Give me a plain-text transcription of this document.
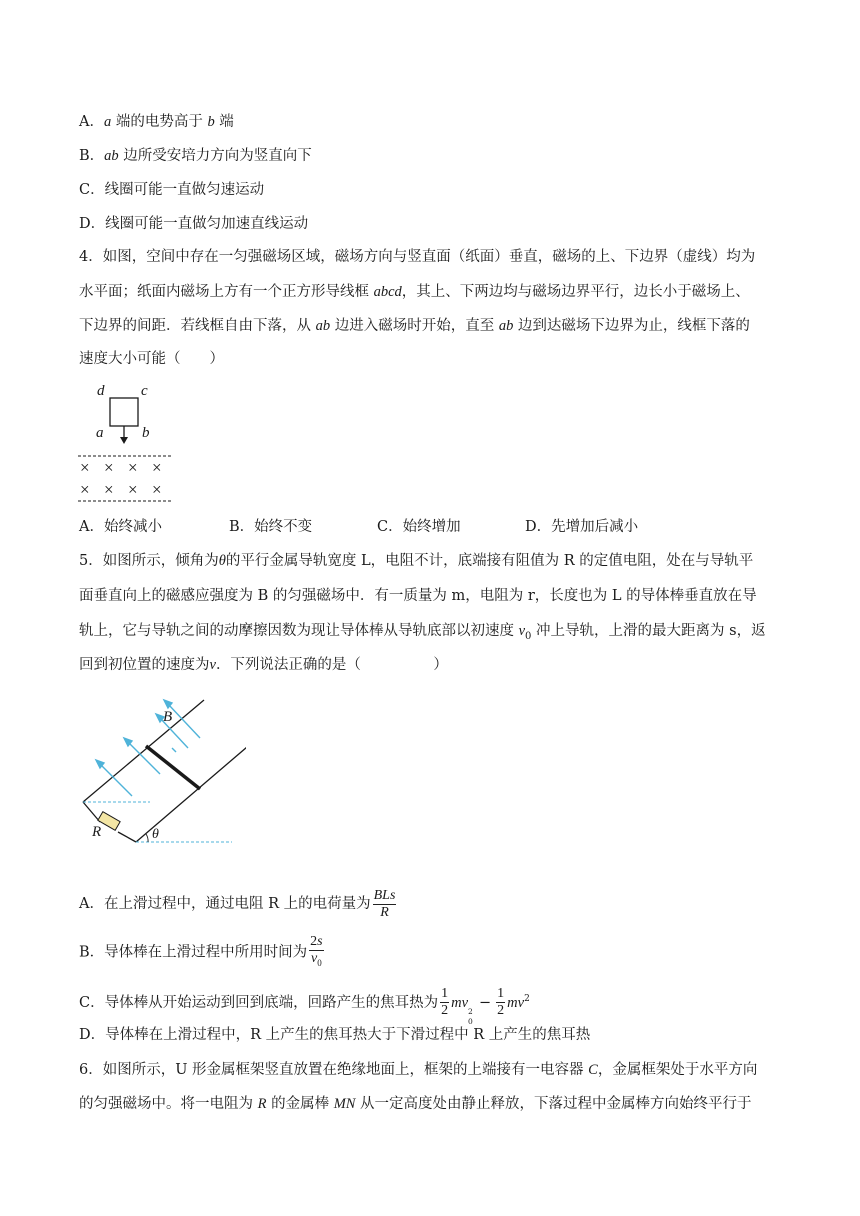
A．a 端的电势高于 b 端
B．ab 边所受安培力方向为竖直向下
C．线圈可能一直做匀速运动
D．线圈可能一直做匀加速直线运动
4．如图，空间中存在一匀强磁场区域，磁场方向与竖直面（纸面）垂直，磁场的上、下边界（虚线）均为
水平面；纸面内磁场上方有一个正方形导线框 abcd，其上、下两边均与磁场边界平行，边长小于磁场上、
下边界的间距．若线框自由下落，从 ab 边进入磁场时开始，直至 ab 边到达磁场下边界为止，线框下落的
速度大小可能（　　）
d c
a	b
× × × ×
× × × ×
A．始终减小	B．始终不变	C．始终增加	D．先增加后减小
5．如图所示，倾角为θ的平行金属导轨宽度 L，电阻不计，底端接有阻值为 R 的定值电阻，处在与导轨平
面垂直向上的磁感应强度为 B 的匀强磁场中．有一质量为 m，电阻为 r，长度也为 L 的导体棒垂直放在导
轨上，它与导轨之间的动摩擦因数为现让导体棒从导轨底部以初速度 $v_0$ 冲上导轨，上滑的最大距离为 s，返
回到初位置的速度为v．下列说法正确的是（　　　　　）
R	θ
B
A．在上滑过程中，通过电阻 R 上的电荷量为 $\frac{\text{BLs}}{R}$
B．导体棒在上滑过程中所用时间为 $\frac{2s}{v_0}$
C．导体棒从开始运动到回到底端，回路产生的焦耳热为 $\frac{1}{2}$ mv
2
0
− $\frac{1}{2} mv^2$
D．导体棒在上滑过程中，R 上产生的焦耳热大于下滑过程中 R 上产生的焦耳热
6．如图所示，U 形金属框架竖直放置在绝缘地面上，框架的上端接有一电容器 C，金属框架处于水平方向
的匀强磁场中。将一电阻为 R 的金属棒 MN 从一定高度处由静止释放，下落过程中金属棒方向始终平行于
